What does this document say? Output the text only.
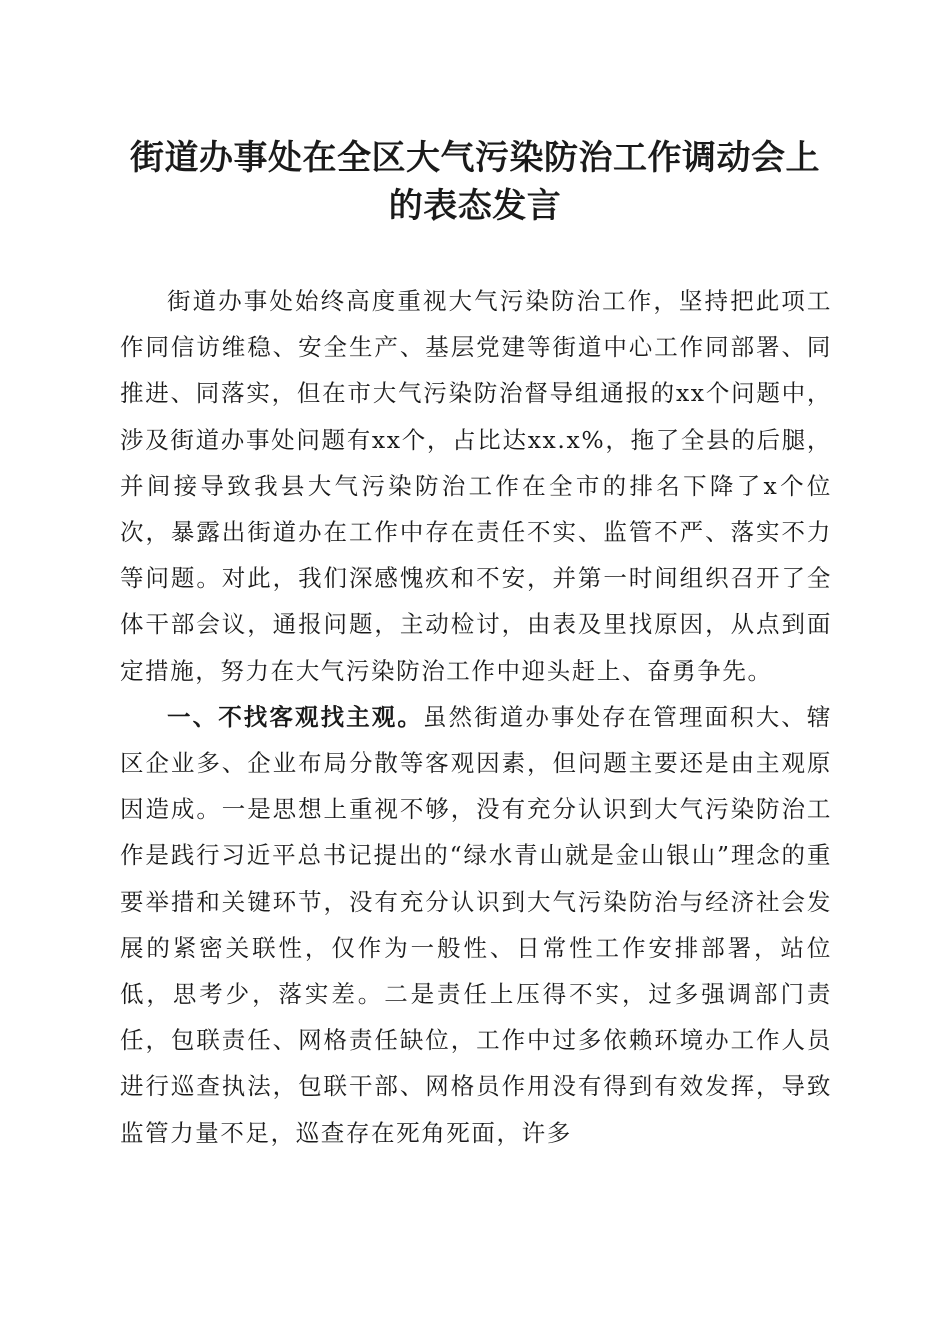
街道办事处在全区大气污染防治工作调动会上
的表态发言

街道办事处始终高度重视大气污染防治工作，坚持把此项工作同信访维稳、安全生产、基层党建等街道中心工作同部署、同推进、同落实，但在市大气污染防治督导组通报的xx个问题中，涉及街道办事处问题有xx个，占比达xx.x%，拖了全县的后腿，并间接导致我县大气污染防治工作在全市的排名下降了x个位次，暴露出街道办在工作中存在责任不实、监管不严、落实不力等问题。对此，我们深感愧疚和不安，并第一时间组织召开了全体干部会议，通报问题，主动检讨，由表及里找原因，从点到面定措施，努力在大气污染防治工作中迎头赶上、奋勇争先。

一、不找客观找主观。虽然街道办事处存在管理面积大、辖区企业多、企业布局分散等客观因素，但问题主要还是由主观原因造成。一是思想上重视不够，没有充分认识到大气污染防治工作是践行习近平总书记提出的“绿水青山就是金山银山”理念的重要举措和关键环节，没有充分认识到大气污染防治与经济社会发展的紧密关联性，仅作为一般性、日常性工作安排部署，站位低，思考少，落实差。二是责任上压得不实，过多强调部门责任，包联责任、网格责任缺位，工作中过多依赖环境办工作人员进行巡查执法，包联干部、网格员作用没有得到有效发挥，导致监管力量不足，巡查存在死角死面，许多
